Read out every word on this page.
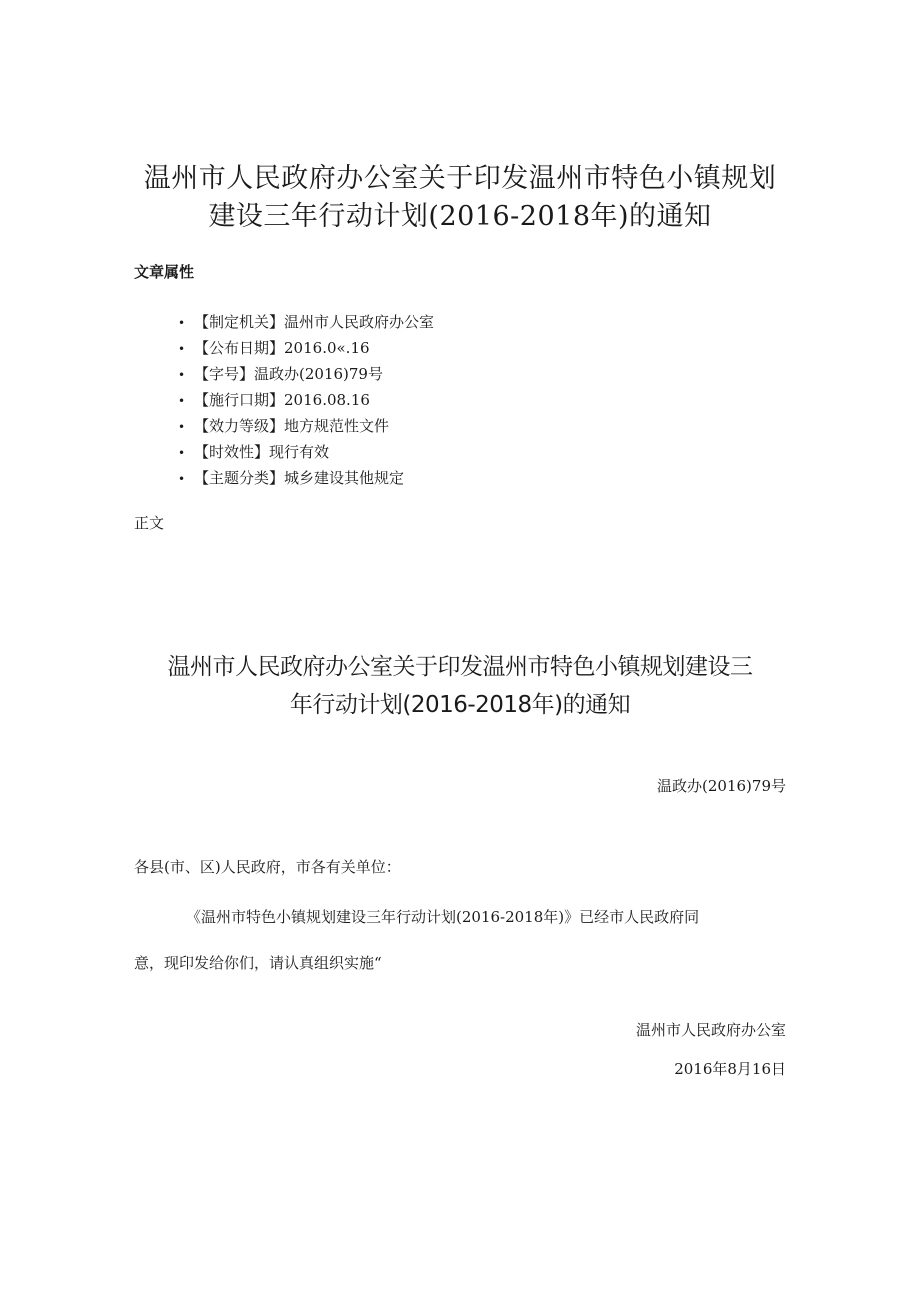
温州市人民政府办公室关于印发温州市特色小镇规划
建设三年行动计划(2016-2018年)的通知
文章属性
• 【制定机关】温州市人民政府办公室
• 【公布日期】2016.0«.16
• 【字号】温政办(2016)79号
• 【施行口期】2016.08.16
• 【效力等级】地方规范性文件
• 【时效性】现行有效
• 【主题分类】城乡建设其他规定
正文
温州市人民政府办公室关于印发温州市特色小镇规划建设三
年行动计划(2016-2018年)的通知
温政办(2016)79号
各县(市、区)人民政府，市各有关单位：
《温州市特色小镇规划建设三年行动计划(2016-2018年)》已经市人民政府同
意，现印发给你们，请认真组织实施“
温州市人民政府办公室
2016年8月16日
